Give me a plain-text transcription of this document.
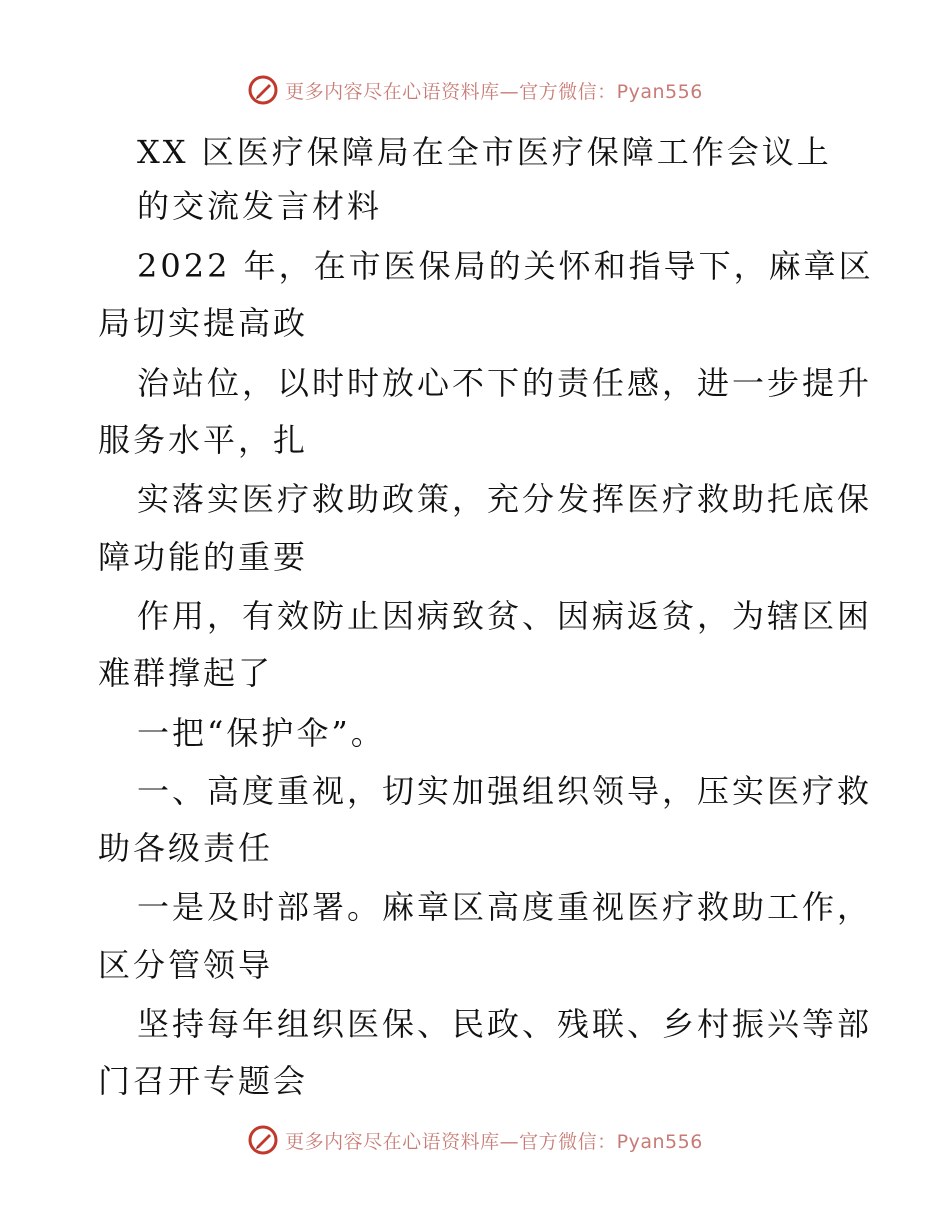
更多内容尽在心语资料库—官方微信：Pyan556
XX 区医疗保障局在全市医疗保障工作会议上
的交流发言材料
2022 年，在市医保局的关怀和指导下，麻章区
局切实提高政
治站位，以时时放心不下的责任感，进一步提升
服务水平，扎
实落实医疗救助政策，充分发挥医疗救助托底保
障功能的重要
作用，有效防止因病致贫、因病返贫，为辖区困
难群撑起了
一把“保护伞”。
一、高度重视，切实加强组织领导，压实医疗救
助各级责任
一是及时部署。麻章区高度重视医疗救助工作，
区分管领导
坚持每年组织医保、民政、残联、乡村振兴等部
门召开专题会
更多内容尽在心语资料库—官方微信：Pyan556
